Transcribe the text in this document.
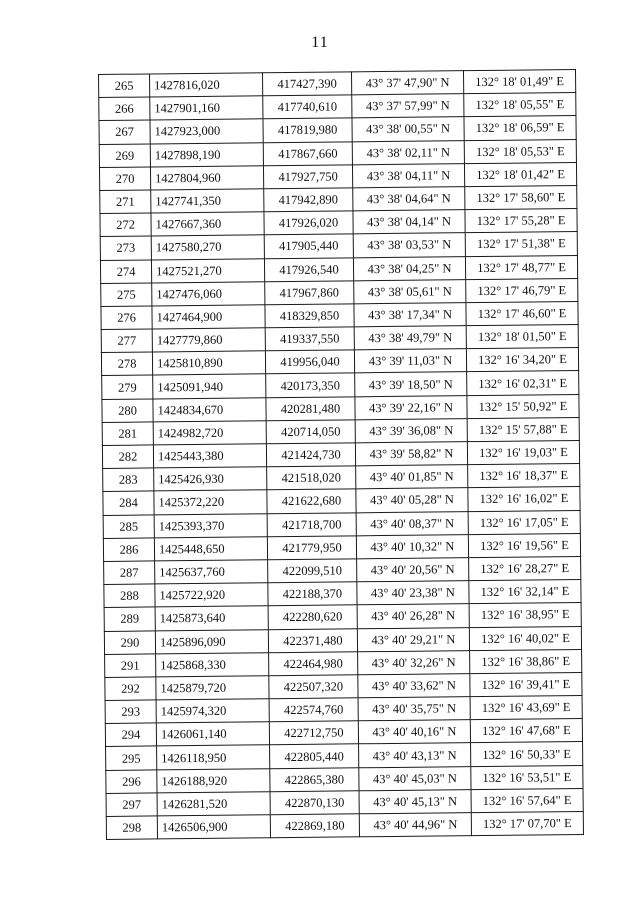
11
265	1427816,020	417427,390	43° 37' 47,90" N	132° 18' 01,49" E
266	1427901,160	417740,610	43° 37' 57,99" N	132° 18' 05,55" E
267	1427923,000	417819,980	43° 38' 00,55" N	132° 18' 06,59" E
269	1427898,190	417867,660	43° 38' 02,11" N	132° 18' 05,53" E
270	1427804,960	417927,750	43° 38' 04,11" N	132° 18' 01,42" E
271	1427741,350	417942,890	43° 38' 04,64" N	132° 17' 58,60" E
272	1427667,360	417926,020	43° 38' 04,14" N	132° 17' 55,28" E
273	1427580,270	417905,440	43° 38' 03,53" N	132° 17' 51,38" E
274	1427521,270	417926,540	43° 38' 04,25" N	132° 17' 48,77" E
275	1427476,060	417967,860	43° 38' 05,61" N	132° 17' 46,79" E
276	1427464,900	418329,850	43° 38' 17,34" N	132° 17' 46,60" E
277	1427779,860	419337,550	43° 38' 49,79" N	132° 18' 01,50" E
278	1425810,890	419956,040	43° 39' 11,03" N	132° 16' 34,20" E
279	1425091,940	420173,350	43° 39' 18,50" N	132° 16' 02,31" E
280	1424834,670	420281,480	43° 39' 22,16" N	132° 15' 50,92" E
281	1424982,720	420714,050	43° 39' 36,08" N	132° 15' 57,88" E
282	1425443,380	421424,730	43° 39' 58,82" N	132° 16' 19,03" E
283	1425426,930	421518,020	43° 40' 01,85" N	132° 16' 18,37" E
284	1425372,220	421622,680	43° 40' 05,28" N	132° 16' 16,02" E
285	1425393,370	421718,700	43° 40' 08,37" N	132° 16' 17,05" E
286	1425448,650	421779,950	43° 40' 10,32" N	132° 16' 19,56" E
287	1425637,760	422099,510	43° 40' 20,56" N	132° 16' 28,27" E
288	1425722,920	422188,370	43° 40' 23,38" N	132° 16' 32,14" E
289	1425873,640	422280,620	43° 40' 26,28" N	132° 16' 38,95" E
290	1425896,090	422371,480	43° 40' 29,21" N	132° 16' 40,02" E
291	1425868,330	422464,980	43° 40' 32,26" N	132° 16' 38,86" E
292	1425879,720	422507,320	43° 40' 33,62" N	132° 16' 39,41" E
293	1425974,320	422574,760	43° 40' 35,75" N	132° 16' 43,69" E
294	1426061,140	422712,750	43° 40' 40,16" N	132° 16' 47,68" E
295	1426118,950	422805,440	43° 40' 43,13" N	132° 16' 50,33" E
296	1426188,920	422865,380	43° 40' 45,03" N	132° 16' 53,51" E
297	1426281,520	422870,130	43° 40' 45,13" N	132° 16' 57,64" E
298	1426506,900	422869,180	43° 40' 44,96" N	132° 17' 07,70" E
